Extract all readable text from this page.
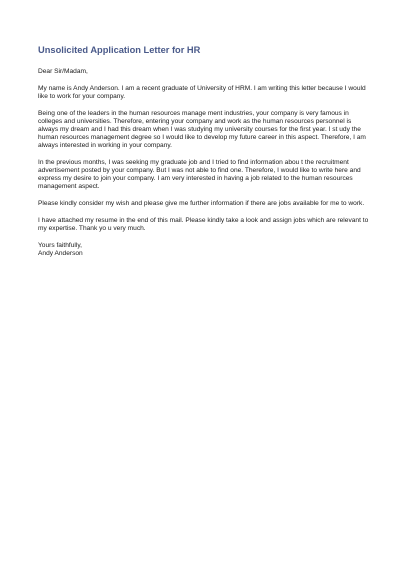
Unsolicited Application Letter for HR

Dear Sir/Madam,

My name is Andy Anderson. I am a recent graduate of University of HRM. I am writing this letter because I would like to work for your company.

Being one of the leaders in the human resources manage ment industries, your company is very famous in colleges and universities. Therefore, entering your company and work as the human resources personnel is always my dream and I had this dream when I was studying my university courses for the first year. I st udy the human resources management degree so I would like to develop my future career in this aspect. Therefore, I am always interested in working in your company.

In the previous months, I was seeking my graduate job and I tried to find information abou t the recruitment advertisement posted by your company. But I was not able to find one. Therefore, I would like to write here and express my desire to join your company. I am very interested in having a job related to the human resources management aspect.

Please kindly consider my wish and please give me further information if there are jobs available for me to work.

I have attached my resume in the end of this mail. Please kindly take a look and assign jobs which are relevant to my expertise. Thank yo u very much.

Yours faithfully,

Andy Anderson
